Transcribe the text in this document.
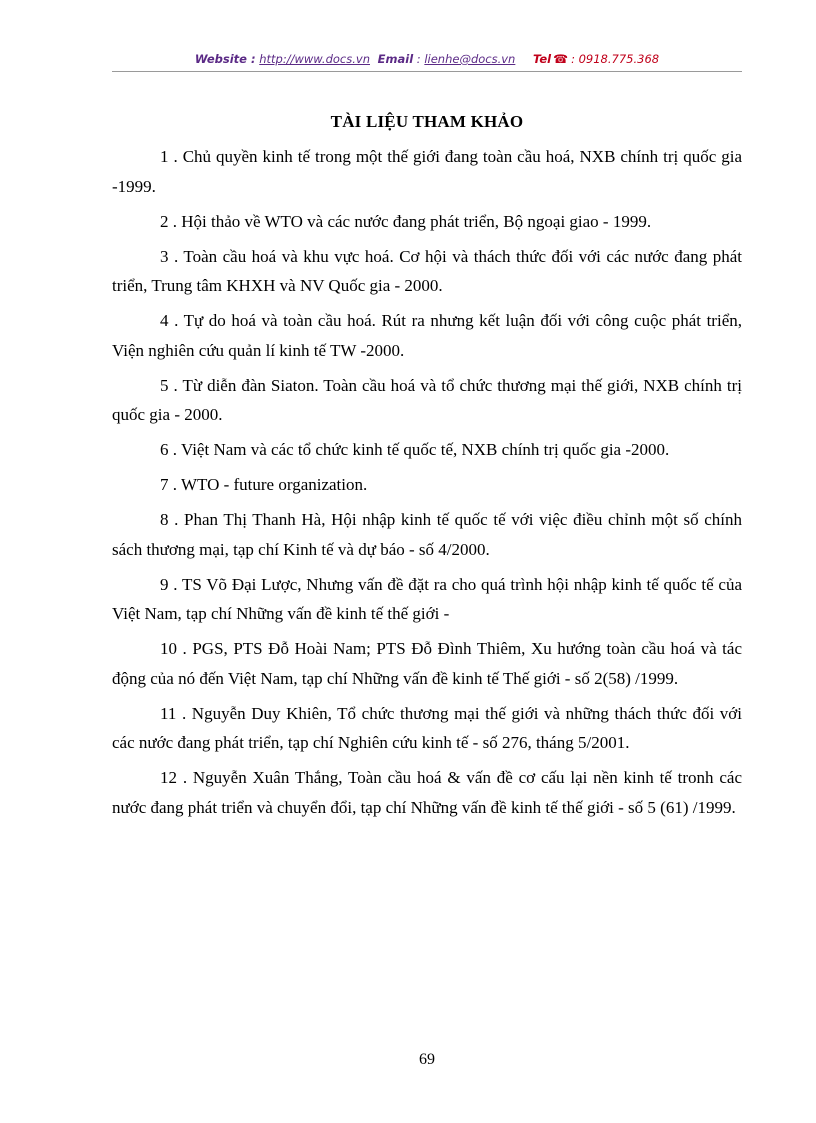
Website : http://www.docs.vn Email : lienhe@docs.vn Tel ☎ : 0918.775.368
TÀI LIỆU THAM KHẢO

1 . Chủ quyền kinh tế trong một thế giới đang toàn cầu hoá, NXB chính trị quốc gia -1999.

2 . Hội thảo về WTO và các nước đang phát triển, Bộ ngoại giao - 1999.

3 . Toàn cầu hoá và khu vực hoá. Cơ hội và thách thức đối với các nước đang phát triển, Trung tâm KHXH và NV Quốc gia - 2000.

4 . Tự do hoá và toàn cầu hoá. Rút ra nhưng kết luận đối với công cuộc phát triển, Viện nghiên cứu quản lí kinh tế TW -2000.

5 . Từ diễn đàn Siaton. Toàn cầu hoá và tổ chức thương mại thế giới, NXB chính trị quốc gia - 2000.

6 . Việt Nam và các tổ chức kinh tế quốc tế, NXB chính trị quốc gia -2000.

7 . WTO - future organization.

8 . Phan Thị Thanh Hà, Hội nhập kinh tế quốc tế với việc điều chỉnh một số chính sách thương mại, tạp chí Kinh tế và dự báo - số 4/2000.

9 . TS Võ Đại Lược, Nhưng vấn đề đặt ra cho quá trình hội nhập kinh tế quốc tế của Việt Nam, tạp chí Những vấn đề kinh tế thế giới -

10 . PGS, PTS Đỗ Hoài Nam; PTS Đỗ Đình Thiêm, Xu hướng toàn cầu hoá và tác động của nó đến Việt Nam, tạp chí Những vấn đề kinh tế Thế giới - số 2(58) /1999.

11 . Nguyễn Duy Khiên, Tổ chức thương mại thế giới và những thách thức đối với các nước đang phát triển, tạp chí Nghiên cứu kinh tế - số 276, tháng 5/2001.

12 . Nguyễn Xuân Thắng, Toàn cầu hoá & vấn đề cơ cấu lại nền kinh tế tronh các nước đang phát triển và chuyển đổi, tạp chí Những vấn đề kinh tế thế giới - số 5 (61) /1999.

69
